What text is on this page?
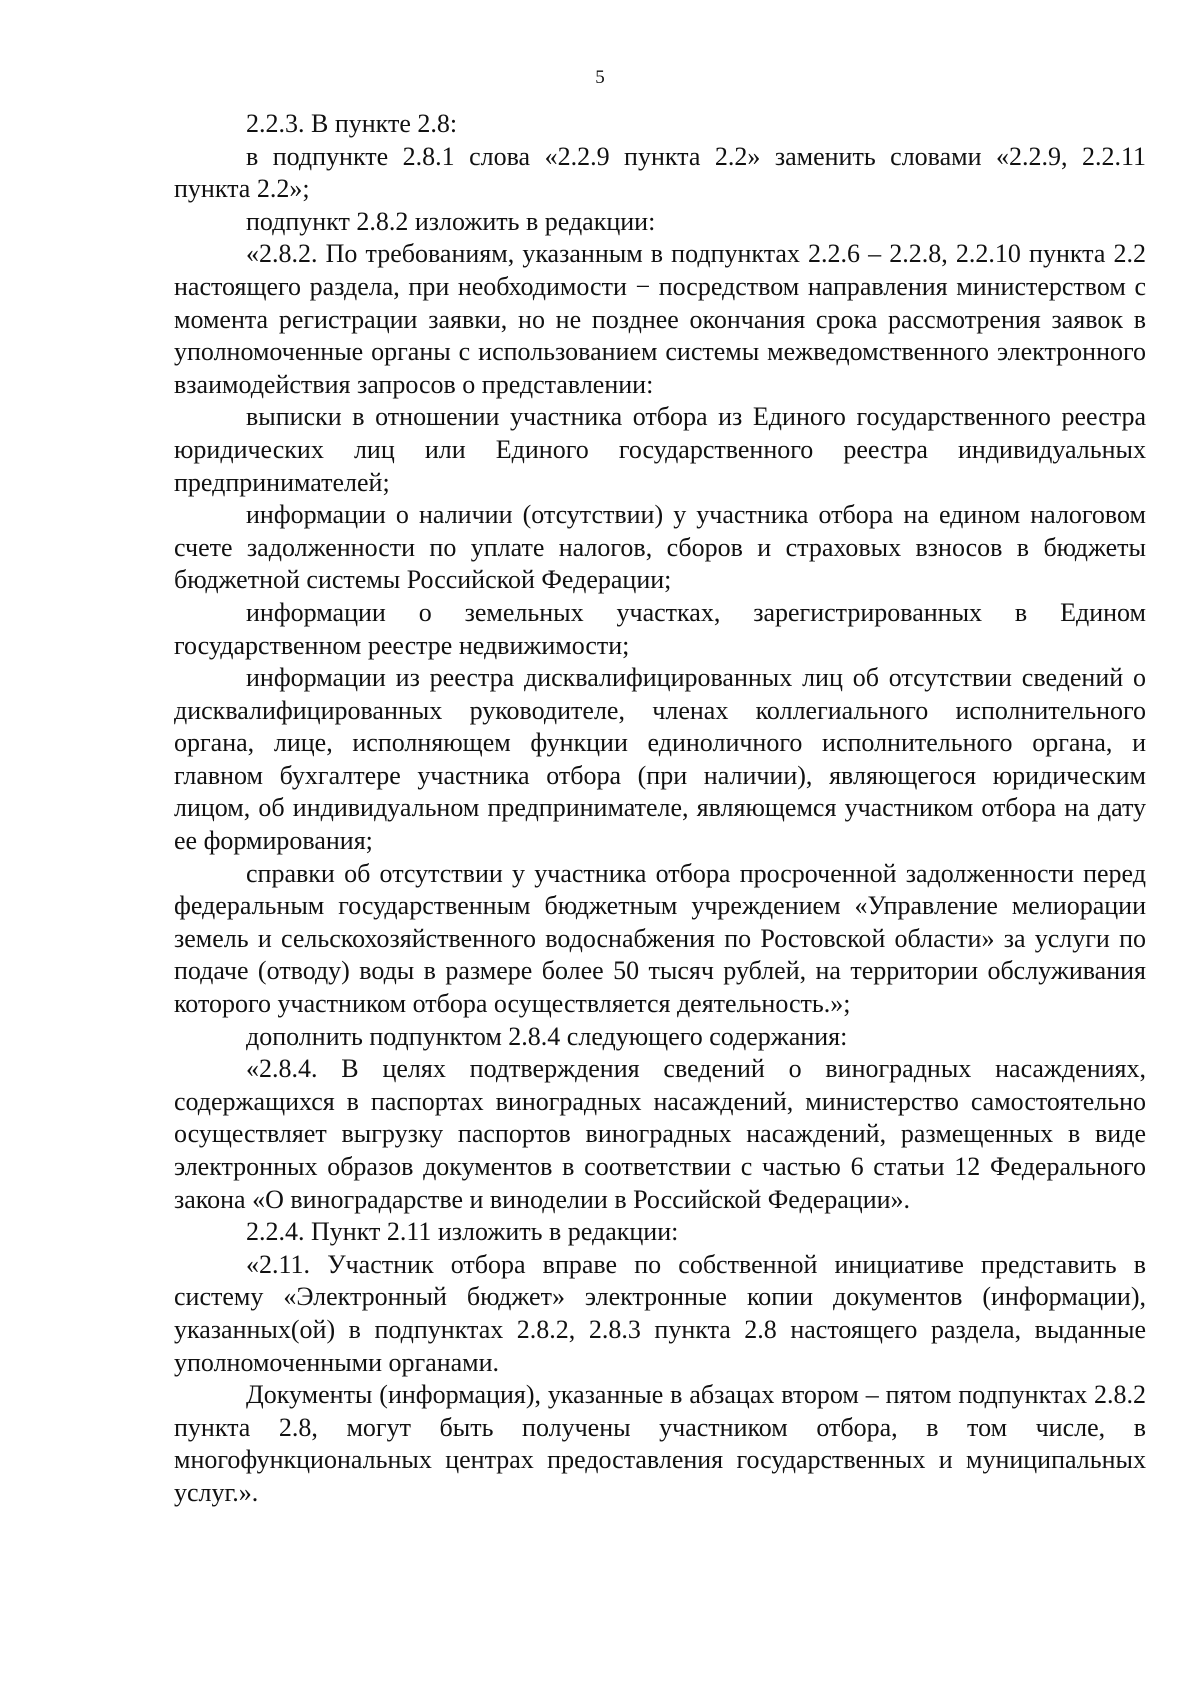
5

2.2.3. В пункте 2.8:

в подпункте 2.8.1 слова «2.2.9 пункта 2.2» заменить словами «2.2.9, 2.2.11 пункта 2.2»;

подпункт 2.8.2 изложить в редакции:

«2.8.2. По требованиям, указанным в подпунктах 2.2.6 – 2.2.8, 2.2.10 пункта 2.2 настоящего раздела, при необходимости − посредством направления министерством с момента регистрации заявки, но не позднее окончания срока рассмотрения заявок в уполномоченные органы с использованием системы межведомственного электронного взаимодействия запросов о представлении:

выписки в отношении участника отбора из Единого государственного реестра юридических лиц или Единого государственного реестра индивидуальных предпринимателей;

информации о наличии (отсутствии) у участника отбора на едином налоговом счете задолженности по уплате налогов, сборов и страховых взносов в бюджеты бюджетной системы Российской Федерации;

информации о земельных участках, зарегистрированных в Едином государственном реестре недвижимости;

информации из реестра дисквалифицированных лиц об отсутствии сведений о дисквалифицированных руководителе, членах коллегиального исполнительного органа, лице, исполняющем функции единоличного исполнительного органа, и главном бухгалтере участника отбора (при наличии), являющегося юридическим лицом, об индивидуальном предпринимателе, являющемся участником отбора на дату ее формирования;

справки об отсутствии у участника отбора просроченной задолженности перед федеральным государственным бюджетным учреждением «Управление мелиорации земель и сельскохозяйственного водоснабжения по Ростовской области» за услуги по подаче (отводу) воды в размере более 50 тысяч рублей, на территории обслуживания которого участником отбора осуществляется деятельность.»;

дополнить подпунктом 2.8.4 следующего содержания:

«2.8.4. В целях подтверждения сведений о виноградных насаждениях, содержащихся в паспортах виноградных насаждений, министерство самостоятельно осуществляет выгрузку паспортов виноградных насаждений, размещенных в виде электронных образов документов в соответствии с частью 6 статьи 12 Федерального закона «О виноградарстве и виноделии в Российской Федерации».

2.2.4. Пункт 2.11 изложить в редакции:

«2.11. Участник отбора вправе по собственной инициативе представить в систему «Электронный бюджет» электронные копии документов (информации), указанных(ой) в подпунктах 2.8.2, 2.8.3 пункта 2.8 настоящего раздела, выданные уполномоченными органами.

Документы (информация), указанные в абзацах втором – пятом подпунктах 2.8.2 пункта 2.8, могут быть получены участником отбора, в том числе, в многофункциональных центрах предоставления государственных и муниципальных услуг.».
